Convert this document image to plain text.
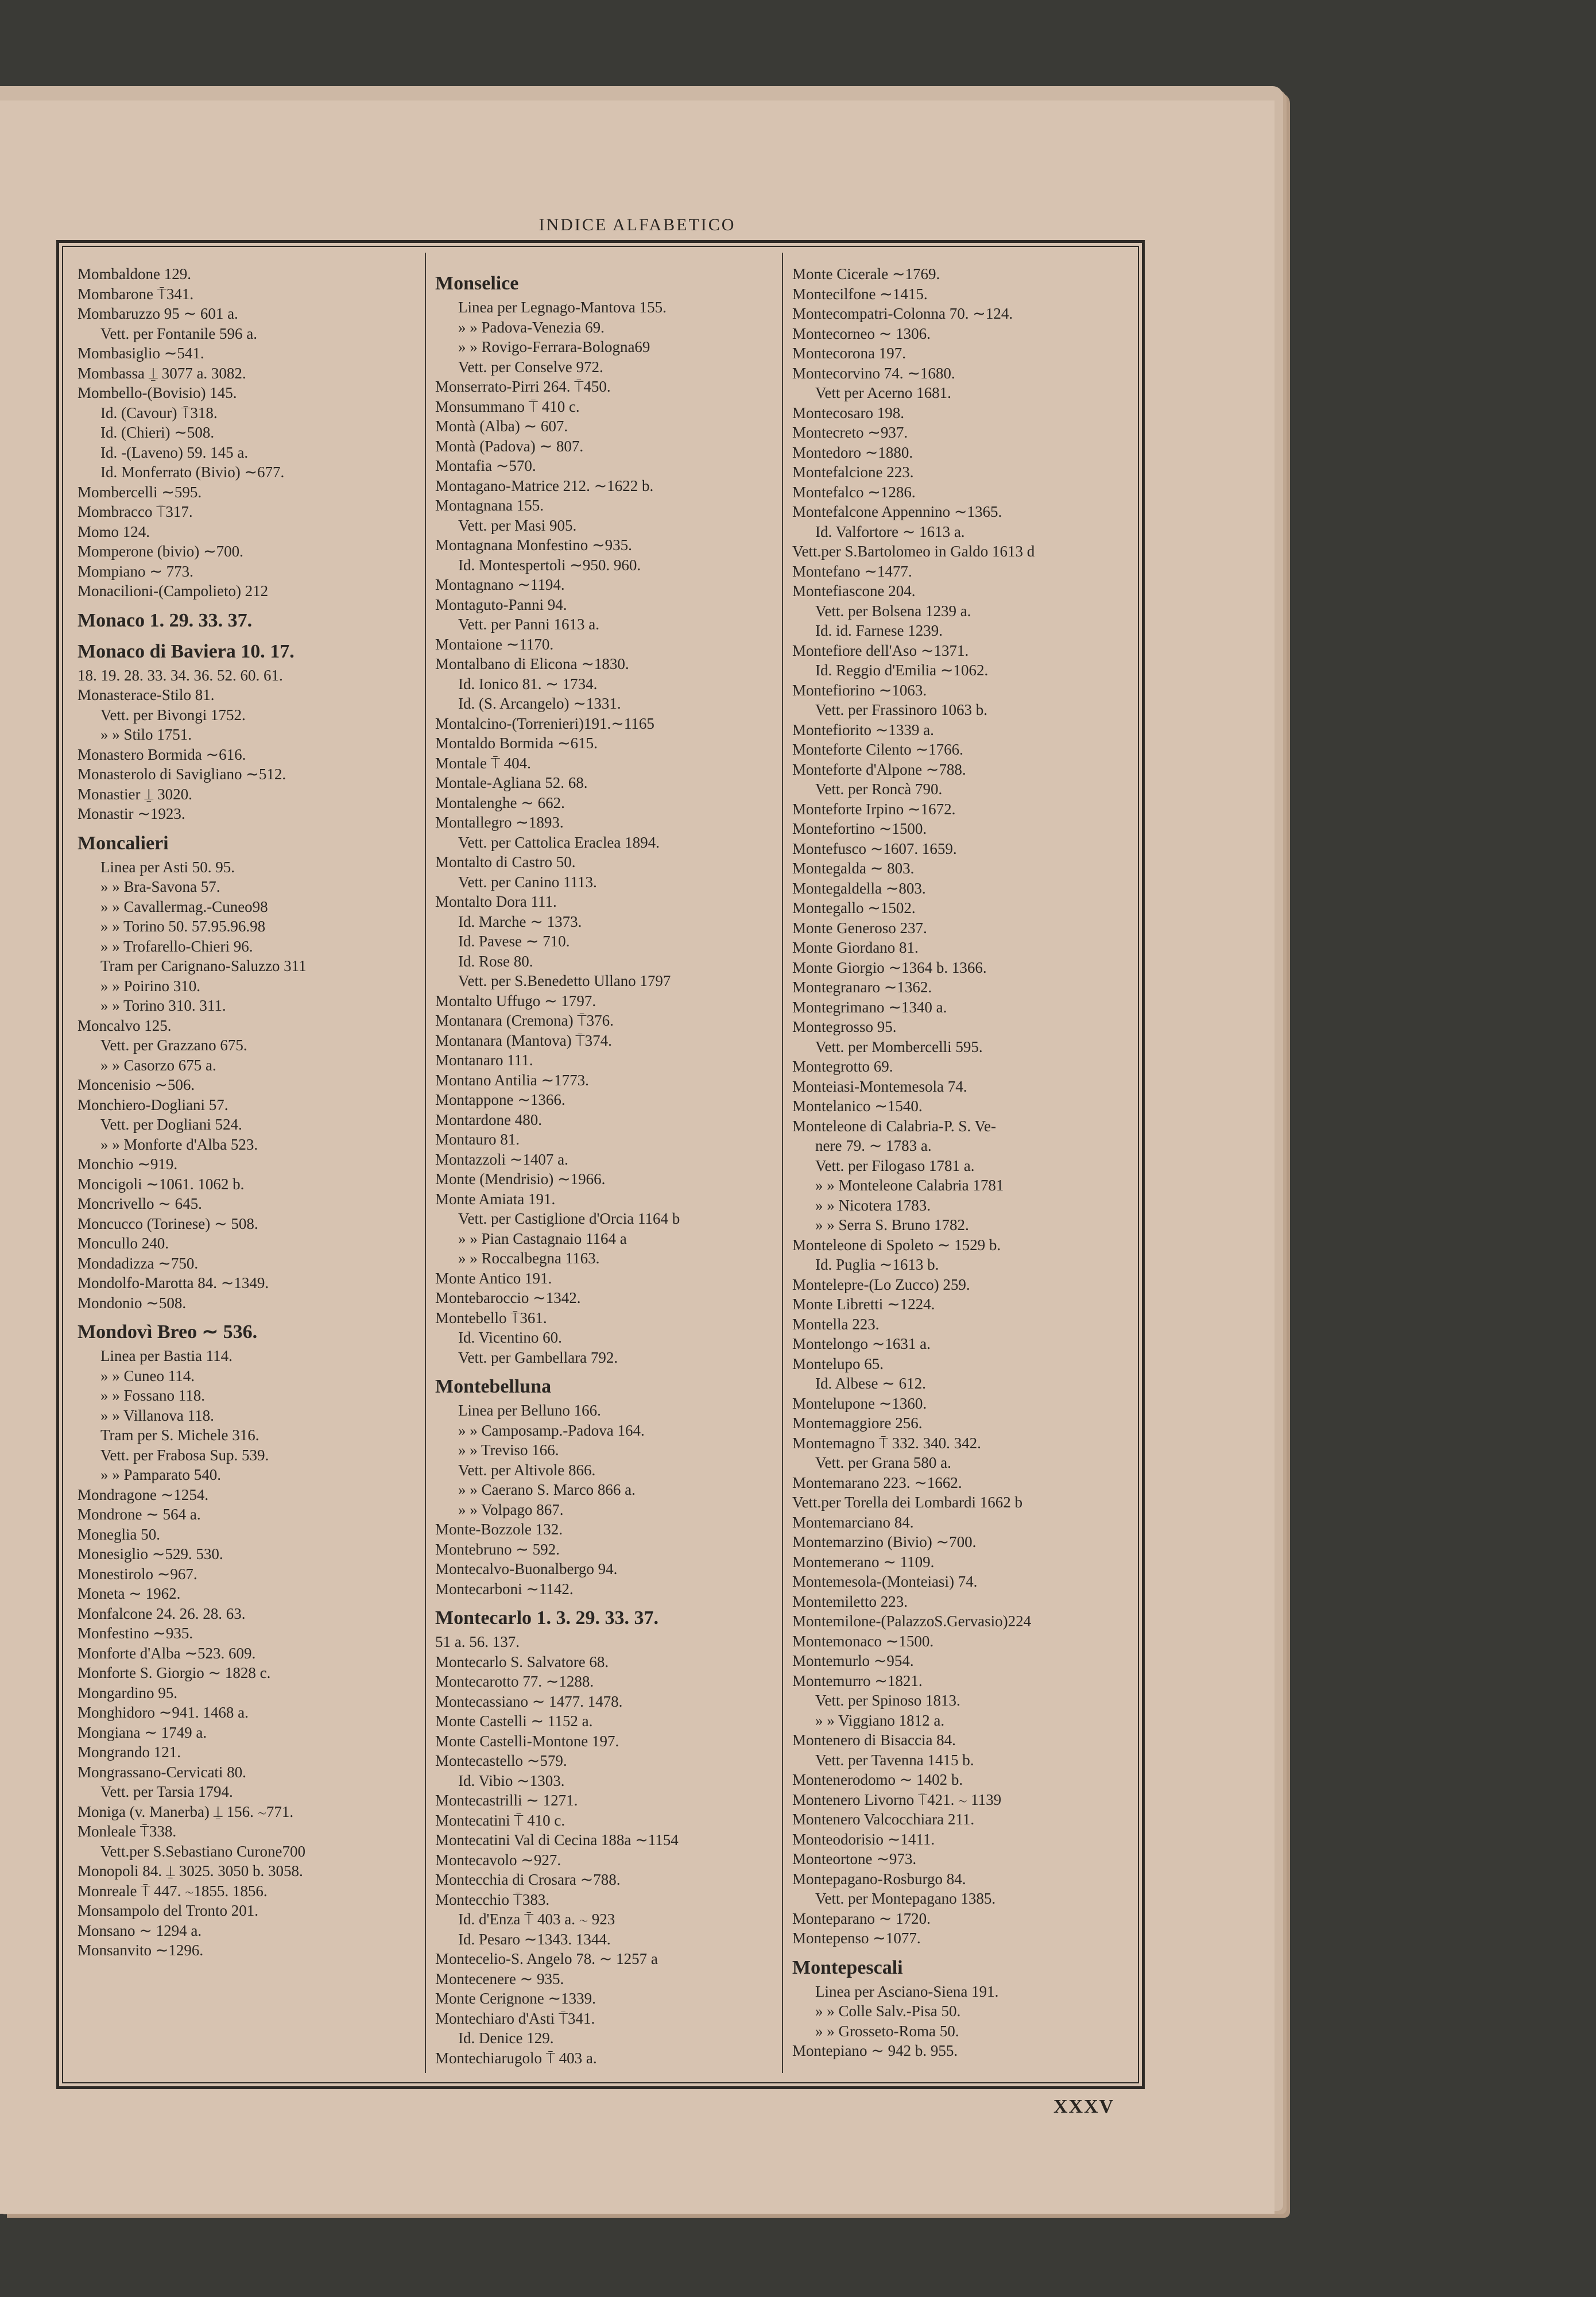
INDICE ALFABETICO
Mombaldone 129.
Mombarone ⍑341.
Mombaruzzo 95 ∼ 601 a.
Vett. per Fontanile 596 a.
Mombasiglio ∼541.
Mombassa ⍊ 3077 a. 3082.
Mombello-(Bovisio) 145.
Id. (Cavour) ⍑318.
Id. (Chieri) ∼508.
Id. -(Laveno) 59. 145 a.
Id. Monferrato (Bivio) ∼677.
Mombercelli ∼595.
Mombracco ⍑317.
Momo 124.
Momperone (bivio) ∼700.
Mompiano ∼ 773.
Monacilioni-(Campolieto) 212
Monaco 1. 29. 33. 37.
Monaco di Baviera 10. 17.
18. 19. 28. 33. 34. 36. 52. 60. 61.
Monasterace-Stilo 81.
Vett. per Bivongi 1752.
» » Stilo 1751.
Monastero Bormida ∼616.
Monasterolo di Savigliano ∼512.
Monastier ⍊ 3020.
Monastir ∼1923.
Moncalieri
Linea per Asti 50. 95.
» » Bra-Savona 57.
» » Cavallermag.-Cuneo98
» » Torino 50. 57.95.96.98
» » Trofarello-Chieri 96.
Tram per Carignano-Saluzzo 311
» » Poirino 310.
» » Torino 310. 311.
Moncalvo 125.
Vett. per Grazzano 675.
» » Casorzo 675 a.
Moncenisio ∼506.
Monchiero-Dogliani 57.
Vett. per Dogliani 524.
» » Monforte d'Alba 523.
Monchio ∼919.
Moncigoli ∼1061. 1062 b.
Moncrivello ∼ 645.
Moncucco (Torinese) ∼ 508.
Moncullo 240.
Mondadizza ∼750.
Mondolfo-Marotta 84. ∼1349.
Mondonio ∼508.
Mondovì Breo ∼ 536.
Linea per Bastia 114.
» » Cuneo 114.
» » Fossano 118.
» » Villanova 118.
Tram per S. Michele 316.
Vett. per Frabosa Sup. 539.
» » Pamparato 540.
Mondragone ∼1254.
Mondrone ∼ 564 a.
Moneglia 50.
Monesiglio ∼529. 530.
Monestirolo ∼967.
Moneta ∼ 1962.
Monfalcone 24. 26. 28. 63.
Monfestino ∼935.
Monforte d'Alba ∼523. 609.
Monforte S. Giorgio ∼ 1828 c.
Mongardino 95.
Monghidoro ∼941. 1468 a.
Mongiana ∼ 1749 a.
Mongrando 121.
Mongrassano-Cervicati 80.
Vett. per Tarsia 1794.
Moniga (v. Manerba) ⍊ 156. ∼771.
Monleale ⍑338.
Vett.per S.Sebastiano Curone700
Monopoli 84. ⍊ 3025. 3050 b. 3058.
Monreale ⍑ 447. ∼1855. 1856.
Monsampolo del Tronto 201.
Monsano ∼ 1294 a.
Monsanvito ∼1296.
Monselice
Linea per Legnago-Mantova 155.
» » Padova-Venezia 69.
» » Rovigo-Ferrara-Bologna69
Vett. per Conselve 972.
Monserrato-Pirri 264. ⍑450.
Monsummano ⍑ 410 c.
Montà (Alba) ∼ 607.
Montà (Padova) ∼ 807.
Montafia ∼570.
Montagano-Matrice 212. ∼1622 b.
Montagnana 155.
Vett. per Masi 905.
Montagnana Monfestino ∼935.
Id. Montespertoli ∼950. 960.
Montagnano ∼1194.
Montaguto-Panni 94.
Vett. per Panni 1613 a.
Montaione ∼1170.
Montalbano di Elicona ∼1830.
Id. Ionico 81. ∼ 1734.
Id. (S. Arcangelo) ∼1331.
Montalcino-(Torrenieri)191.∼1165
Montaldo Bormida ∼615.
Montale ⍑ 404.
Montale-Agliana 52. 68.
Montalenghe ∼ 662.
Montallegro ∼1893.
Vett. per Cattolica Eraclea 1894.
Montalto di Castro 50.
Vett. per Canino 1113.
Montalto Dora 111.
Id. Marche ∼ 1373.
Id. Pavese ∼ 710.
Id. Rose 80.
Vett. per S.Benedetto Ullano 1797
Montalto Uffugo ∼ 1797.
Montanara (Cremona) ⍑376.
Montanara (Mantova) ⍑374.
Montanaro 111.
Montano Antilia ∼1773.
Montappone ∼1366.
Montardone 480.
Montauro 81.
Montazzoli ∼1407 a.
Monte (Mendrisio) ∼1966.
Monte Amiata 191.
Vett. per Castiglione d'Orcia 1164 b
» » Pian Castagnaio 1164 a
» » Roccalbegna 1163.
Monte Antico 191.
Montebaroccio ∼1342.
Montebello ⍑361.
Id. Vicentino 60.
Vett. per Gambellara 792.
Montebelluna
Linea per Belluno 166.
» » Camposamp.-Padova 164.
» » Treviso 166.
Vett. per Altivole 866.
» » Caerano S. Marco 866 a.
» » Volpago 867.
Monte-Bozzole 132.
Montebruno ∼ 592.
Montecalvo-Buonalbergo 94.
Montecarboni ∼1142.
Montecarlo 1. 3. 29. 33. 37.
51 a. 56. 137.
Montecarlo S. Salvatore 68.
Montecarotto 77. ∼1288.
Montecassiano ∼ 1477. 1478.
Monte Castelli ∼ 1152 a.
Monte Castelli-Montone 197.
Montecastello ∼579.
Id. Vibio ∼1303.
Montecastrilli ∼ 1271.
Montecatini ⍑ 410 c.
Montecatini Val di Cecina 188a ∼1154
Montecavolo ∼927.
Montecchia di Crosara ∼788.
Montecchio ⍑383.
Id. d'Enza ⍑ 403 a. ∼ 923
Id. Pesaro ∼1343. 1344.
Montecelio-S. Angelo 78. ∼ 1257 a
Montecenere ∼ 935.
Monte Cerignone ∼1339.
Montechiaro d'Asti ⍑341.
Id. Denice 129.
Montechiarugolo ⍑ 403 a.
Monte Cicerale ∼1769.
Montecilfone ∼1415.
Montecompatri-Colonna 70. ∼124.
Montecorneo ∼ 1306.
Montecorona 197.
Montecorvino 74. ∼1680.
Vett per Acerno 1681.
Montecosaro 198.
Montecreto ∼937.
Montedoro ∼1880.
Montefalcione 223.
Montefalco ∼1286.
Montefalcone Appennino ∼1365.
Id. Valfortore ∼ 1613 a.
Vett.per S.Bartolomeo in Galdo 1613 d
Montefano ∼1477.
Montefiascone 204.
Vett. per Bolsena 1239 a.
Id. id. Farnese 1239.
Montefiore dell'Aso ∼1371.
Id. Reggio d'Emilia ∼1062.
Montefiorino ∼1063.
Vett. per Frassinoro 1063 b.
Montefiorito ∼1339 a.
Monteforte Cilento ∼1766.
Monteforte d'Alpone ∼788.
Vett. per Roncà 790.
Monteforte Irpino ∼1672.
Montefortino ∼1500.
Montefusco ∼1607. 1659.
Montegaldа ∼ 803.
Montegaldella ∼803.
Montegallo ∼1502.
Monte Generoso 237.
Monte Giordano 81.
Monte Giorgio ∼1364 b. 1366.
Montegranaro ∼1362.
Montegrimano ∼1340 a.
Montegrosso 95.
Vett. per Mombercelli 595.
Montegrotto 69.
Monteiasi-Montemesola 74.
Montelanico ∼1540.
Monteleone di Calabria-P. S. Ve-
nere 79. ∼ 1783 a.
Vett. per Filogaso 1781 a.
» » Monteleone Calabria 1781
» » Nicotera 1783.
» » Serra S. Bruno 1782.
Monteleone di Spoleto ∼ 1529 b.
Id. Puglia ∼1613 b.
Montelepre-(Lo Zucco) 259.
Monte Libretti ∼1224.
Montella 223.
Montelongo ∼1631 a.
Montelupo 65.
Id. Albese ∼ 612.
Montelupone ∼1360.
Montemaggiore 256.
Montemagno ⍑ 332. 340. 342.
Vett. per Grana 580 a.
Montemarano 223. ∼1662.
Vett.per Torella dei Lombardi 1662 b
Montemarciano 84.
Montemarzino (Bivio) ∼700.
Montemerano ∼ 1109.
Montemesola-(Monteiasi) 74.
Montemiletto 223.
Montemilone-(PalazzoS.Gervasio)224
Montemonaco ∼1500.
Montemurlo ∼954.
Montemurro ∼1821.
Vett. per Spinoso 1813.
» » Viggiano 1812 a.
Montenero di Bisaccia 84.
Vett. per Tavenna 1415 b.
Montenerodomo ∼ 1402 b.
Montenero Livorno ⍑421. ∼ 1139
Montenero Valcocchiara 211.
Monteodorisio ∼1411.
Monteortone ∼973.
Montepagano-Rosburgo 84.
Vett. per Montepagano 1385.
Monteparano ∼ 1720.
Montepenso ∼1077.
Montepescali
Linea per Asciano-Siena 191.
» » Colle Salv.-Pisa 50.
» » Grosseto-Roma 50.
Montepiano ∼ 942 b. 955.
XXXV
